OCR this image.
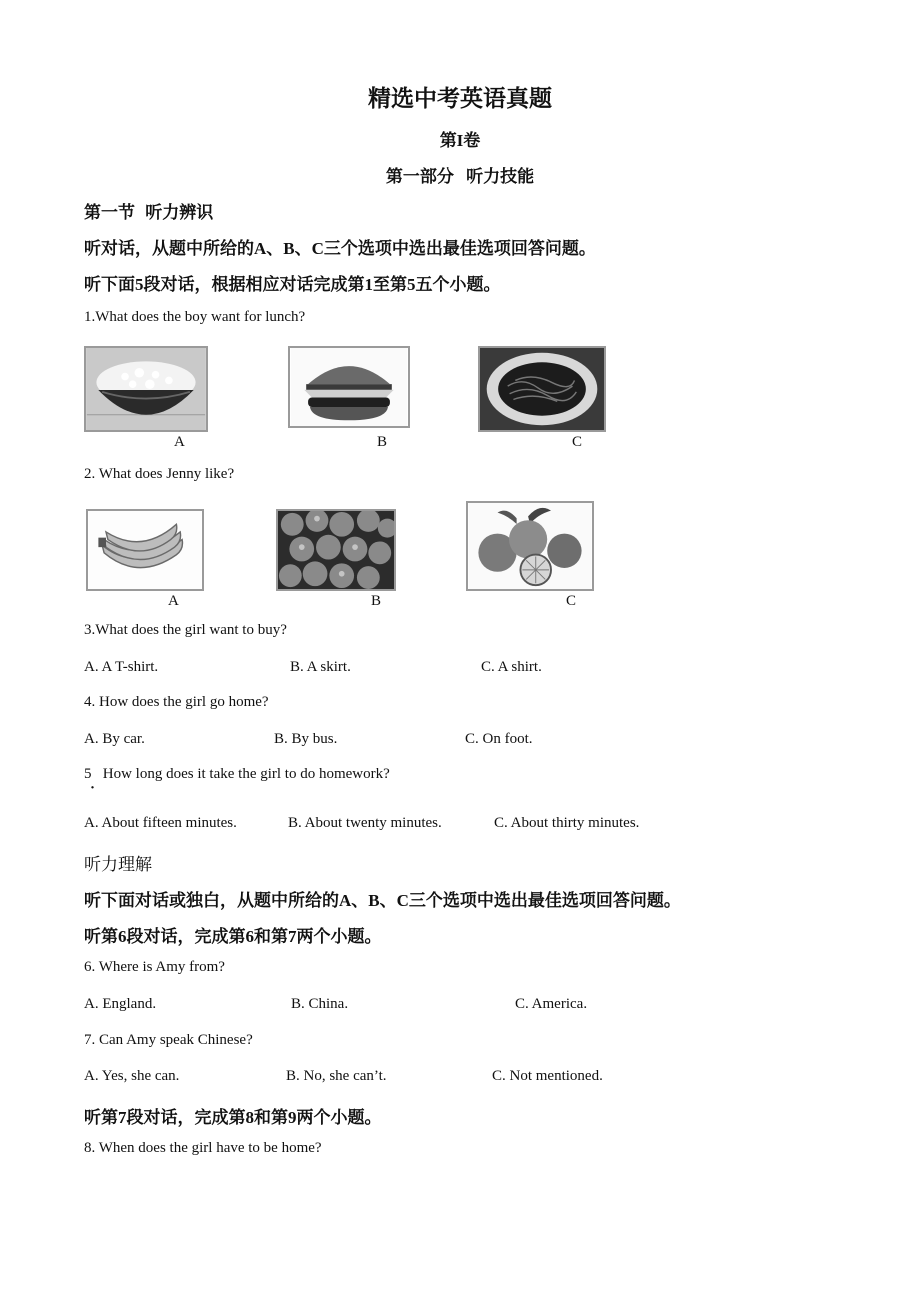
精选中考英语真题
第I卷
第一部分 听力技能
第一节 听力辨识
听对话，从题中所给的A、B、C三个选项中选出最佳选项回答问题。
听下面5段对话，根据相应对话完成第1至第5五个小题。
1.What does the boy want for lunch?
A	B	C
2. What does Jenny like?
A	B	C
3.What does the girl want to buy?
A. A T-shirt.	B. A skirt.	C. A shirt.
4. How does the girl go home?
A. By car.	B. By bus.	C. On foot.
5   How long does it take the girl to do homework?
·
A. About fifteen minutes.	B. About twenty minutes.	C. About thirty minutes.
听力理解
听下面对话或独白，从题中所给的A、B、C三个选项中选出最佳选项回答问题。
听第6段对话，完成第6和第7两个小题。
6. Where is Amy from?
A. England.	B. China.	C. America.
7. Can Amy speak Chinese?
A. Yes, she can.	B. No, she can’t.	C. Not mentioned.
听第7段对话，完成第8和第9两个小题。
8. When does the girl have to be home?
